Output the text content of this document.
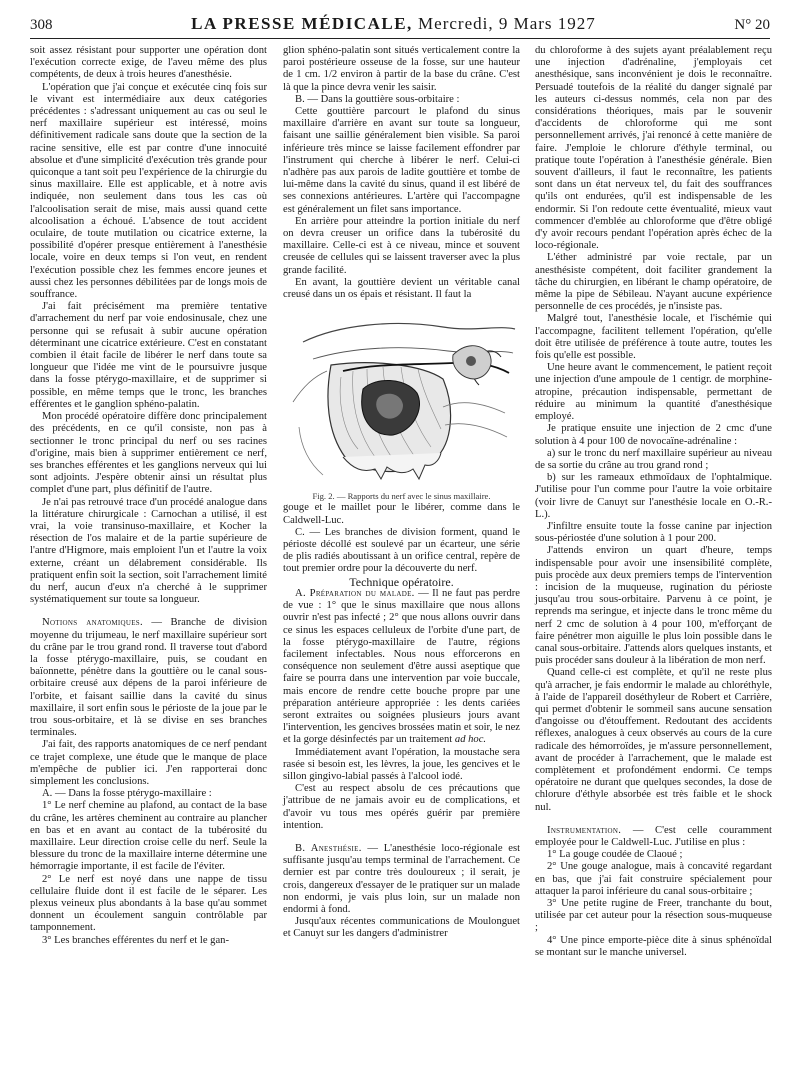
308	LA PRESSE MÉDICALE, Mercredi, 9 Mars 1927	N° 20

soit assez résistant pour supporter une opération dont l'exécution correcte exige, de l'aveu même des plus compétents, de deux à trois heures d'anesthésie.

L'opération que j'ai conçue et exécutée cinq fois sur le vivant est intermédiaire aux deux catégories précédentes : s'adressant uniquement au cas ou seul le nerf maxillaire supérieur est intéressé, moins définitivement radicale sans doute que la section de la racine sensitive, elle est par contre d'une innocuité absolue et d'une simplicité d'exécution très grande pour quiconque a tant soit peu l'expérience de la chirurgie du sinus maxillaire. Elle est applicable, et à notre avis indiquée, non seulement dans tous les cas où l'alcoolisation serait de mise, mais aussi quand cette alcoolisation a échoué. L'absence de tout accident oculaire, de toute mutilation ou cicatrice externe, la possibilité d'opérer presque entièrement à l'anesthésie locale, voire en deux temps si l'on veut, en rendent l'exécution possible chez les femmes encore jeunes et aussi chez les personnes débilitées par de longs mois de souffrance.

J'ai fait précisément ma première tentative d'arrachement du nerf par voie endosinusale, chez une personne qui se refusait à subir aucune opération déterminant une cicatrice extérieure. C'est en constatant combien il était facile de libérer le nerf dans toute sa longueur que l'idée me vint de le poursuivre jusque dans la fosse ptérygo-maxillaire, et de supprimer si possible, en même temps que le tronc, les branches efférentes et le ganglion sphéno-palatin.

Mon procédé opératoire diffère donc principalement des précédents, en ce qu'il consiste, non pas à sectionner le tronc principal du nerf ou ses racines d'origine, mais bien à supprimer entièrement ce nerf, ses branches efférentes et les ganglions nerveux qui lui sont adjoints. J'espère obtenir ainsi un résultat plus complet d'une part, plus définitif de l'autre.

Je n'ai pas retrouvé trace d'un procédé analogue dans la littérature chirurgicale : Carnochan a utilisé, il est vrai, la voie transinuso-maxillaire, et Kocher la résection de l'os malaire et de la partie supérieure de l'antre d'Higmore, mais emploient l'un et l'autre la voix externe, créant un délabrement considérable. Ils pratiquent enfin soit la section, soit l'arrachement limité du nerf, aucun d'eux n'a cherché à le supprimer systématiquement sur toute sa longueur.

Notions anatomiques. — Branche de division moyenne du trijumeau, le nerf maxillaire supérieur sort du crâne par le trou grand rond. Il traverse tout d'abord la fosse ptérygo-maxillaire, puis, se coudant en baïonnette, pénètre dans la gouttière ou le canal sous-orbitaire creusé aux dépens de la paroi inférieure de l'orbite, et faisant saillie dans la cavité du sinus maxillaire, il sort enfin sous le périoste de la joue par le trou sous-orbitaire, et là se divise en ses branches terminales.

J'ai fait, des rapports anatomiques de ce nerf pendant ce trajet complexe, une étude que le manque de place m'empêche de publier ici. J'en rapporterai donc simplement les conclusions.

A. — Dans la fosse ptérygo-maxillaire :

1° Le nerf chemine au plafond, au contact de la base du crâne, les artères cheminent au contraire au plancher en bas et en avant au contact de la tubérosité du maxillaire. Leur direction croise celle du nerf. Seule la blessure du tronc de la maxillaire interne détermine une hémorragie importante, il est facile de l'éviter.

2° Le nerf est noyé dans une nappe de tissu cellulaire fluide dont il est facile de le séparer. Les plexus veineux plus abondants à la base qu'au sommet donnent un écoulement sanguin contrôlable par tamponnement.

3° Les branches efférentes du nerf et le gan-

glion sphéno-palatin sont situés verticalement contre la paroi postérieure osseuse de la fosse, sur une hauteur de 1 cm. 1/2 environ à partir de la base du crâne. C'est là que la pince devra venir les saisir.

B. — Dans la gouttière sous-orbitaire :

Cette gouttière parcourt le plafond du sinus maxillaire d'arrière en avant sur toute sa longueur, faisant une saillie généralement bien visible. Sa paroi inférieure très mince se laisse facilement effondrer par l'instrument qui cherche à libérer le nerf. Celui-ci n'adhère pas aux parois de ladite gouttière et tombe de lui-même dans la cavité du sinus, quand il est libéré de ses connexions antérieures. L'artère qui l'accompagne est généralement un filet sans importance.

En arrière pour atteindre la portion initiale du nerf on devra creuser un orifice dans la tubérosité du maxillaire. Celle-ci est à ce niveau, mince et souvent creusée de cellules qui se laissent traverser avec la plus grande facilité.

En avant, la gouttière devient un véritable canal creusé dans un os épais et résistant. Il faut la

Fig. 2. — Rapports du nerf avec le sinus maxillaire.

gouge et le maillet pour le libérer, comme dans le Caldwell-Luc.

C. — Les branches de division forment, quand le périoste décollé est soulevé par un écarteur, une série de plis radiés aboutissant à un orifice central, repère de tout premier ordre pour la découverte du nerf.

Technique opératoire.

A. Préparation du malade. — Il ne faut pas perdre de vue : 1° que le sinus maxillaire que nous allons ouvrir n'est pas infecté ; 2° que nous allons ouvrir dans ce sinus les espaces celluleux de l'orbite d'une part, de la fosse ptérygo-maxillaire de l'autre, régions facilement infectables. Nous nous efforcerons en conséquence non seulement d'être aussi aseptique que faire se pourra dans une intervention par voie buccale, mais encore de rendre cette bouche propre par une préparation antérieure appropriée : les dents cariées seront extraites ou soignées plusieurs jours avant l'intervention, les gencives brossées matin et soir, le nez et la gorge désinfectés par un traitement ad hoc.

Immédiatement avant l'opération, la moustache sera rasée si besoin est, les lèvres, la joue, les gencives et le sillon gingivo-labial passés à l'alcool iodé.

C'est au respect absolu de ces précautions que j'attribue de ne jamais avoir eu de complications, et d'avoir vu tous mes opérés guérir par première intention.

B. Anesthésie. — L'anesthésie loco-régionale est suffisante jusqu'au temps terminal de l'arrachement. Ce dernier est par contre très douloureux ; il serait, je crois, dangereux d'essayer de le pratiquer sur un malade non endormi, je vais plus loin, sur un malade non endormi à fond.

Jusqu'aux récentes communications de Moulonguet et Canuyt sur les dangers d'administrer

du chloroforme à des sujets ayant préalablement reçu une injection d'adrénaline, j'employais cet anesthésique, sans inconvénient je dois le reconnaître. Persuadé toutefois de la réalité du danger signalé par les auteurs ci-dessus nommés, cela non par des considérations théoriques, mais par le souvenir d'accidents de chloroforme qui me sont personnellement arrivés, j'ai renoncé à cette manière de faire. J'emploie le chlorure d'éthyle terminal, ou pratique toute l'opération à l'anesthésie générale. Bien souvent d'ailleurs, il faut le reconnaître, les patients sont dans un état nerveux tel, du fait des souffrances qu'ils ont endurées, qu'il est indispensable de les endormir. Si l'on redoute cette éventualité, mieux vaut commencer d'emblée au chloroforme que d'être obligé d'y avoir recours pendant l'opération après échec de la loco-régionale.

L'éther administré par voie rectale, par un anesthésiste compétent, doit faciliter grandement la tâche du chirurgien, en libérant le champ opératoire, de même la pipe de Sébileau. N'ayant aucune expérience personnelle de ces procédés, je n'insiste pas.

Malgré tout, l'anesthésie locale, et l'ischémie qui l'accompagne, facilitent tellement l'opération, qu'elle doit être utilisée de préférence à toute autre, toutes les fois qu'elle est possible.

Une heure avant le commencement, le patient reçoit une injection d'une ampoule de 1 centigr. de morphine-atropine, précaution indispensable, permettant de réduire au minimum la quantité d'anesthésique employé.

Je pratique ensuite une injection de 2 cmc d'une solution à 4 pour 100 de novocaïne-adrénaline :

a) sur le tronc du nerf maxillaire supérieur au niveau de sa sortie du crâne au trou grand rond ;

b) sur les rameaux ethmoïdaux de l'ophtalmique. J'utilise pour l'un comme pour l'autre la voie orbitaire (voir livre de Canuyt sur l'anesthésie locale en O.-R.-L.).

J'infiltre ensuite toute la fosse canine par injection sous-périostée d'une solution à 1 pour 200.

J'attends environ un quart d'heure, temps indispensable pour avoir une insensibilité complète, puis procède aux deux premiers temps de l'intervention : incision de la muqueuse, rugination du périoste jusqu'au trou sous-orbitaire. Parvenu à ce point, je reprends ma seringue, et injecte dans le tronc même du nerf 2 cmc de solution à 4 pour 100, m'efforçant de faire pénétrer mon aiguille le plus loin possible dans le canal sous-orbitaire. J'attends alors quelques instants, et puis procéder sans douleur à la libération de mon nerf.

Quand celle-ci est complète, et qu'il ne reste plus qu'à arracher, je fais endormir le malade au chloréthyle, à l'aide de l'appareil doséthyleur de Robert et Carrière, qui permet d'obtenir le sommeil sans aucune sensation d'angoisse ou d'étouffement. Redoutant des accidents réflexes, analogues à ceux observés au cours de la cure radicale des hémorroïdes, je m'assure personnellement, avant de procéder à l'arrachement, que le malade est complètement et profondément endormi. Ce temps opératoire ne durant que quelques secondes, la dose de chlorure d'éthyle absorbée est très faible et le shock nul.

Instrumentation. — C'est celle couramment employée pour le Caldwell-Luc. J'utilise en plus :

1° La gouge coudée de Claoué ;

2° Une gouge analogue, mais à concavité regardant en bas, que j'ai fait construire spécialement pour attaquer la paroi inférieure du canal sous-orbitaire ;

3° Une petite rugine de Freer, tranchante du bout, utilisée par cet auteur pour la résection sous-muqueuse ;

4° Une pince emporte-pièce dite à sinus sphénoïdal se montant sur le manche universel.
